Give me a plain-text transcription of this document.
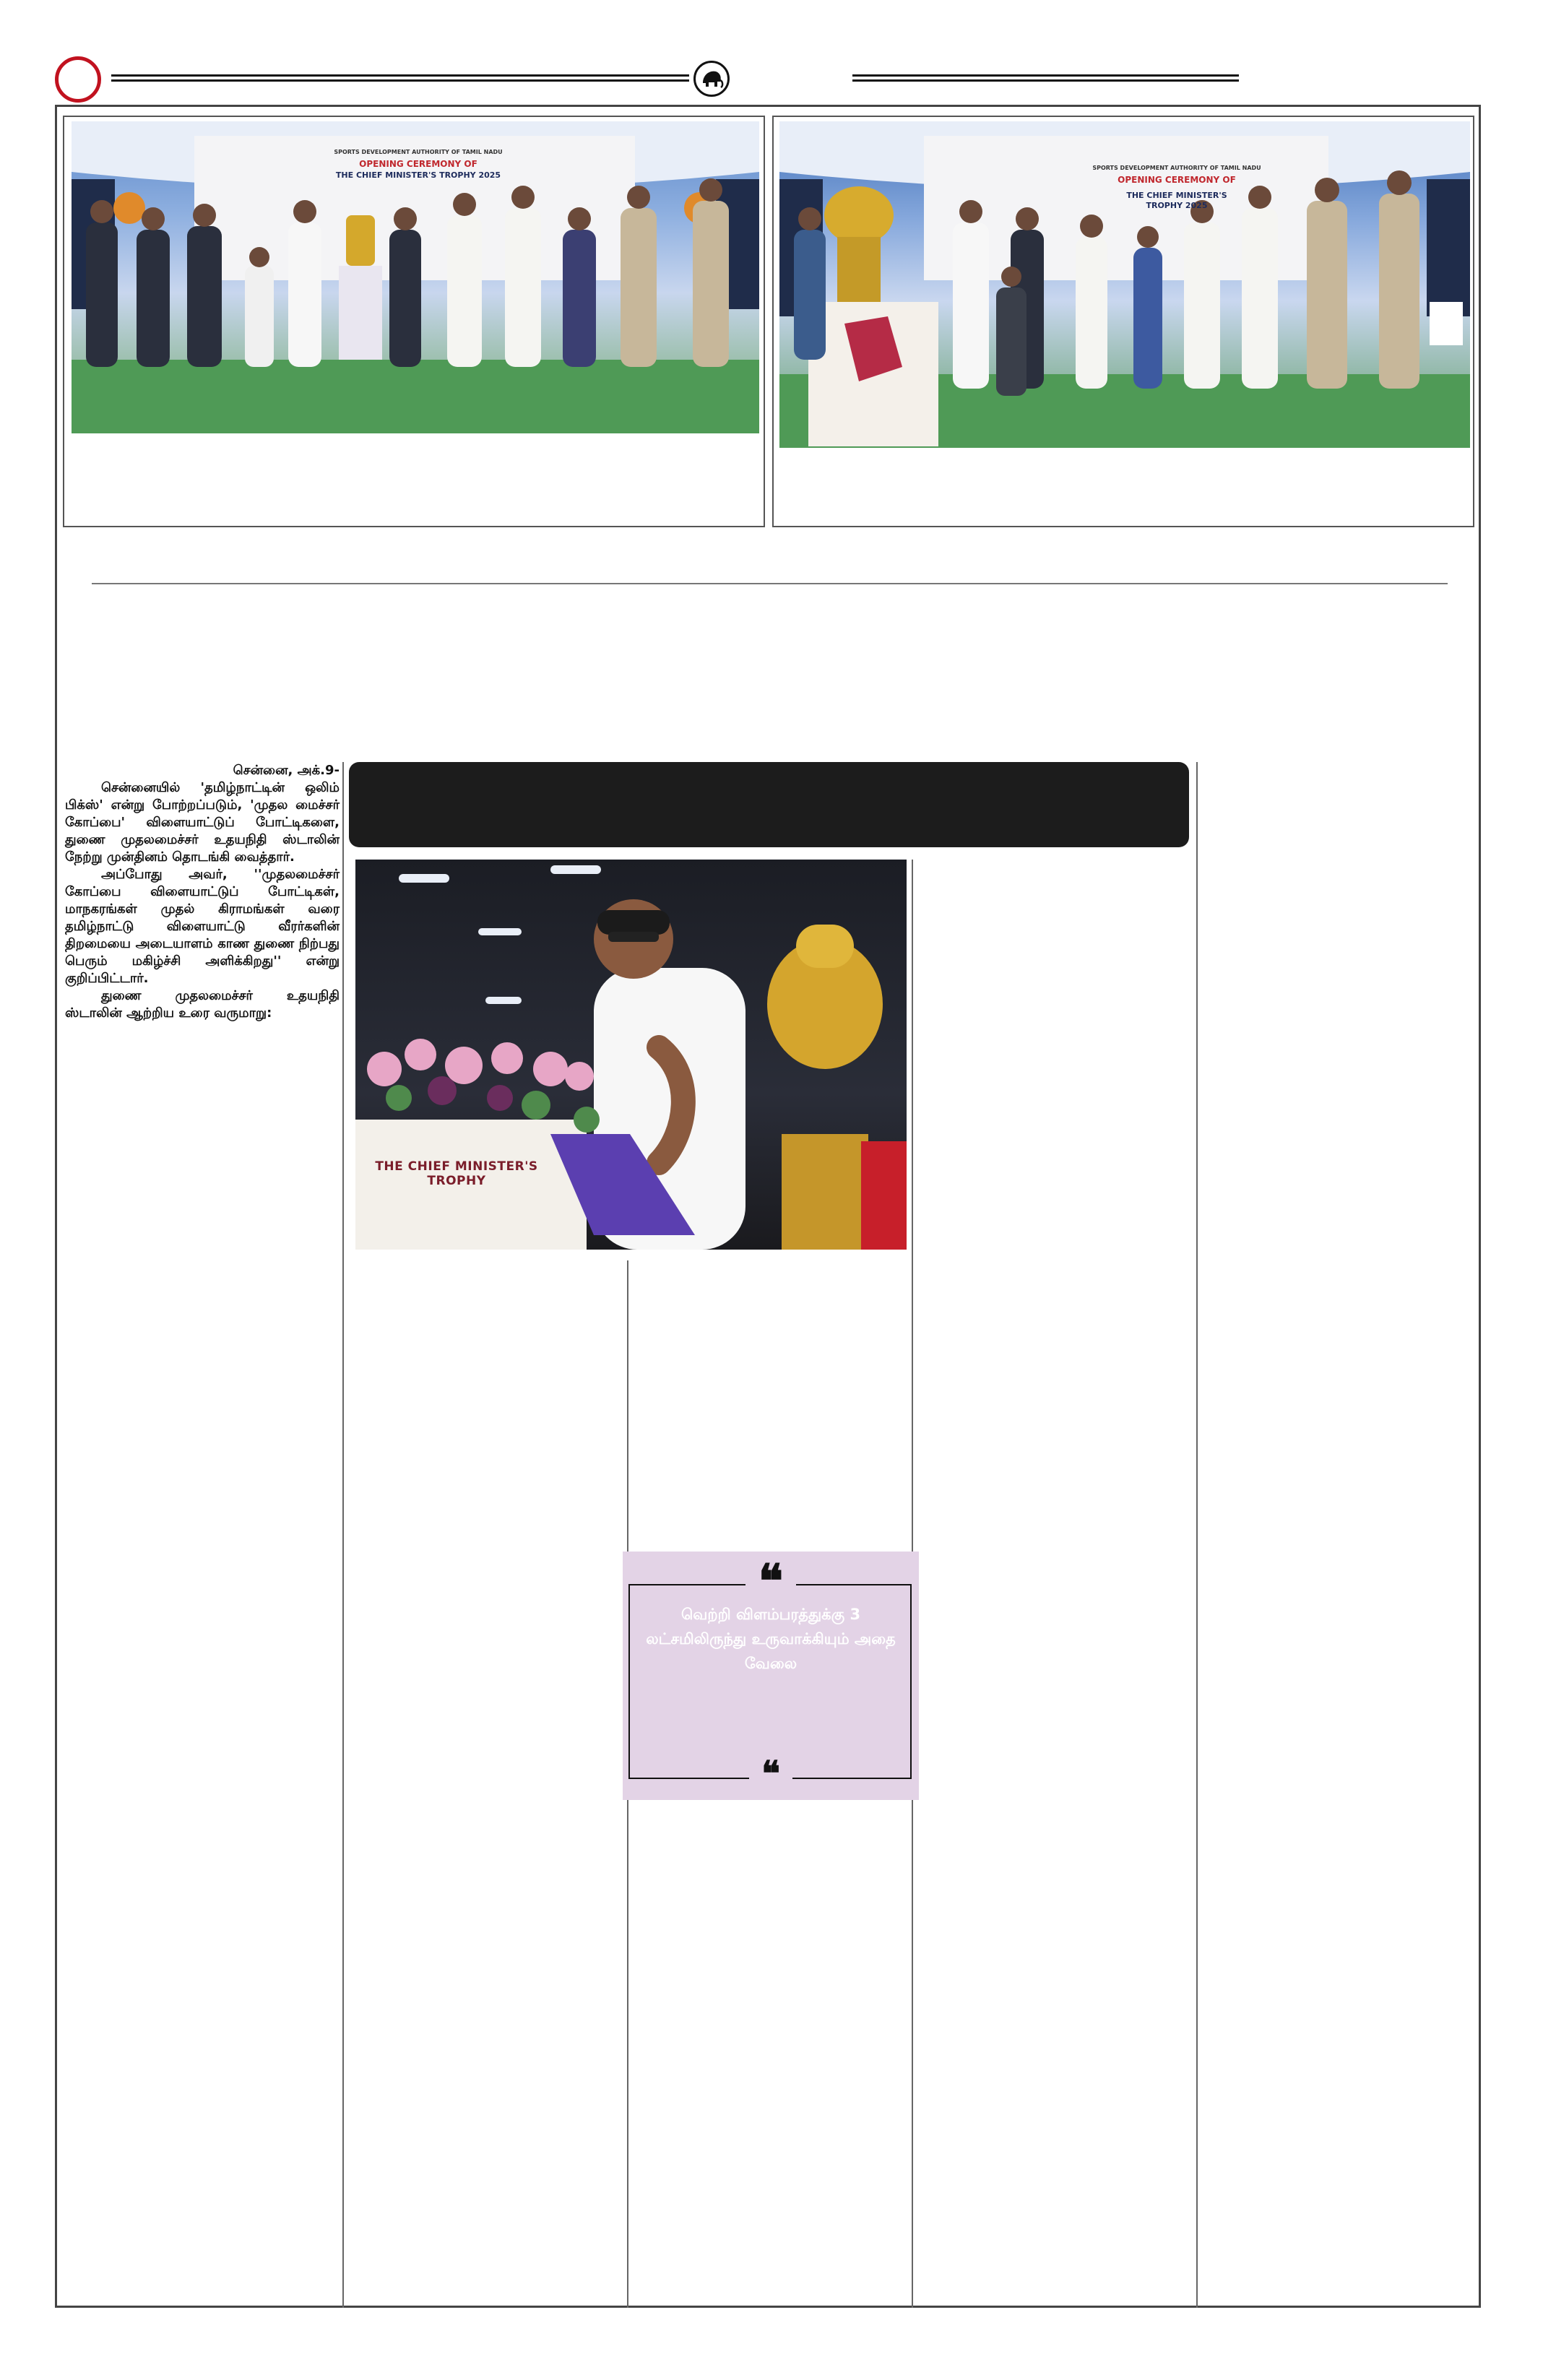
SPORTS DEVELOPMENT AUTHORITY OF TAMIL NADU
OPENING CEREMONY OF
THE CHIEF MINISTER'S TROPHY 2025
SPORTS DEVELOPMENT AUTHORITY OF TAMIL NADU
OPENING CEREMONY OF
THE CHIEF MINISTER'S TROPHY 2025

சென்னை, அக்.9-

சென்னையில் 'தமிழ்நாட்டின் ஒலிம் பிக்ஸ்' என்று போற்றப்படும், 'முதல மைச்சர் கோப்பை' விளையாட்டுப் போட்டிகளை, துணை முதலமைச்சர் உதயநிதி ஸ்டாலின் நேற்று முன்தினம் தொடங்கி வைத்தார்.

அப்போது அவர், ''முதலமைச்சர் கோப்பை விளையாட்டுப் போட்டிகள், மாநகரங்கள் முதல் கிராமங்கள் வரை தமிழ்நாட்டு விளையாட்டு வீரர்களின் திறமையை அடையாளம் காண துணை நிற்பது பெரும் மகிழ்ச்சி அளிக்கிறது'' என்று குறிப்பிட்டார்.

துணை முதலமைச்சர் உதயநிதி ஸ்டாலின் ஆற்றிய உரை வருமாறு:

THE CHIEF MINISTER'S TROPHY
❝
வெற்றி விளம்பரத்துக்கு 3 லட்சமிலிருந்து உருவாக்கியும் அதை வேலை
❝
